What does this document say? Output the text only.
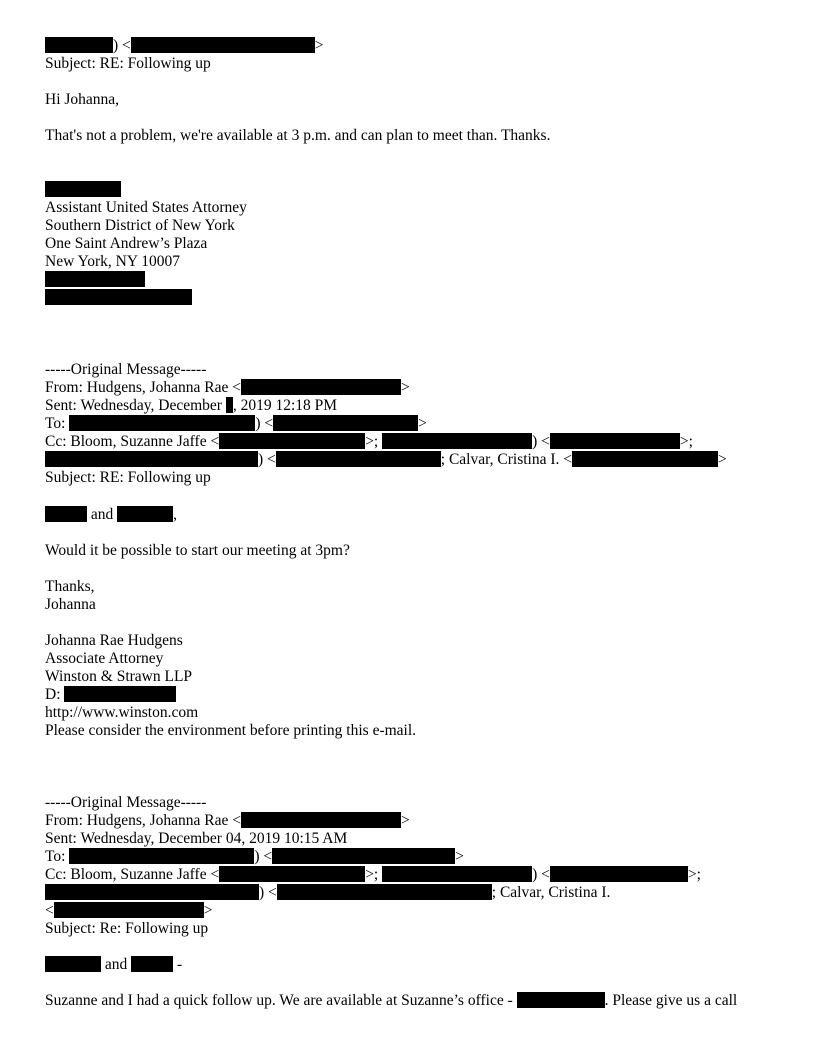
) <	>
Subject: RE: Following up
Hi Johanna,
That's not a problem, we're available at 3 p.m. and can plan to meet than. Thanks.
Assistant United States Attorney
Southern District of New York
One Saint Andrew’s Plaza
New York, NY 10007
-----Original Message-----
From: Hudgens, Johanna Rae <	>
Sent: Wednesday, December , 2019 12:18 PM
To:	) <	>
Cc: Bloom, Suzanne Jaffe <	>;	) <	>;
) <	; Calvar, Cristina I. <	>
Subject: RE: Following up
and	,
Would it be possible to start our meeting at 3pm?
Thanks,
Johanna
Johanna Rae Hudgens
Associate Attorney
Winston & Strawn LLP
D:
http://www.winston.com
Please consider the environment before printing this e-mail.
-----Original Message-----
From: Hudgens, Johanna Rae <	>
Sent: Wednesday, December 04, 2019 10:15 AM
To:	) <	>
Cc: Bloom, Suzanne Jaffe <	>;	) <	>;
) <	; Calvar, Cristina I.
<	>
Subject: Re: Following up
and	-
Suzanne and I had a quick follow up. We are available at Suzanne’s office -	. Please give us a call
